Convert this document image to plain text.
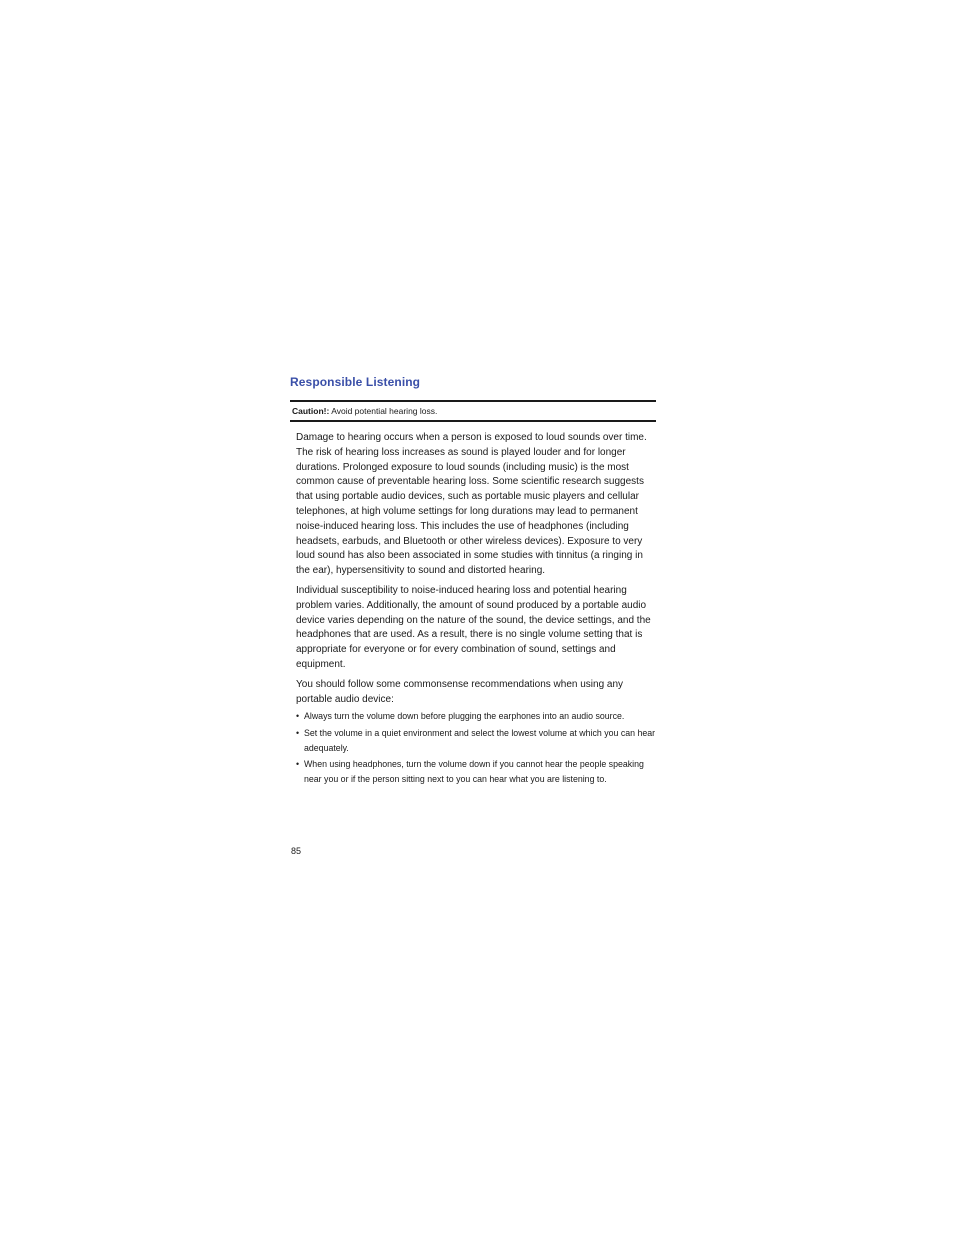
Responsible Listening
Caution!: Avoid potential hearing loss.

Damage to hearing occurs when a person is exposed to loud sounds over time. The risk of hearing loss increases as sound is played louder and for longer durations. Prolonged exposure to loud sounds (including music) is the most common cause of preventable hearing loss. Some scientific research suggests that using portable audio devices, such as portable music players and cellular telephones, at high volume settings for long durations may lead to permanent noise-induced hearing loss. This includes the use of headphones (including headsets, earbuds, and Bluetooth or other wireless devices). Exposure to very loud sound has also been associated in some studies with tinnitus (a ringing in the ear), hypersensitivity to sound and distorted hearing.

Individual susceptibility to noise-induced hearing loss and potential hearing problem varies. Additionally, the amount of sound produced by a portable audio device varies depending on the nature of the sound, the device settings, and the headphones that are used. As a result, there is no single volume setting that is appropriate for everyone or for every combination of sound, settings and equipment.

You should follow some commonsense recommendations when using any portable audio device:

• Always turn the volume down before plugging the earphones into an audio source.
• Set the volume in a quiet environment and select the lowest volume at which you can hear adequately.
• When using headphones, turn the volume down if you cannot hear the people speaking near you or if the person sitting next to you can hear what you are listening to.
85
